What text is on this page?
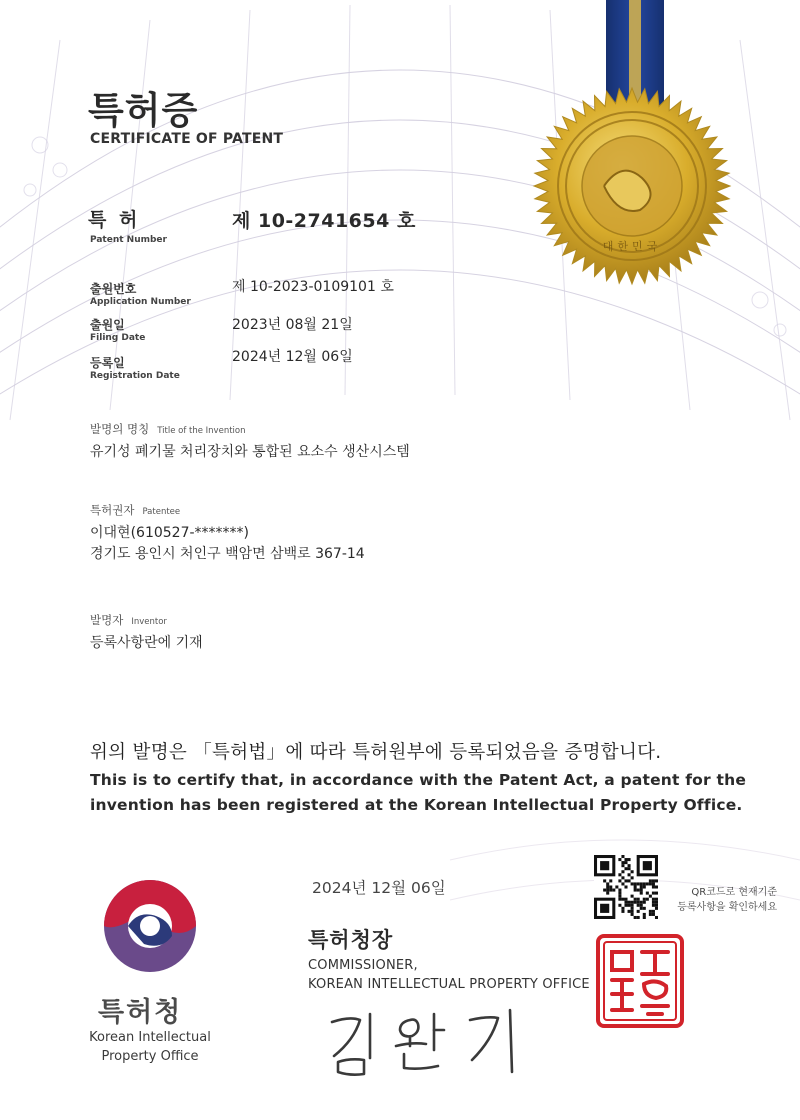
대한민국
특허증
CERTIFICATE OF PATENT
특 허
Patent Number
제 10-2741654 호
출원번호
Application Number
제 10-2023-0109101 호
출원일
Filing Date
2023년 08월 21일
등록일
Registration Date
2024년 12월 06일
발명의 명칭 Title of the Invention
유기성 폐기물 처리장치와 통합된 요소수 생산시스템
특허권자 Patentee
이대현(610527-*******)
경기도 용인시 처인구 백암면 삼백로 367-14
발명자 Inventor
등록사항란에 기재
위의 발명은 「특허법」에 따라 특허원부에 등록되었음을 증명합니다.
This is to certify that, in accordance with the Patent Act, a patent for the
invention has been registered at the Korean Intellectual Property Office.
2024년 12월 06일
특허청장
COMMISSIONER,
KOREAN INTELLECTUAL PROPERTY OFFICE
QR코드로 현재기준
등록사항을 확인하세요
특허청
Korean Intellectual
Property Office
